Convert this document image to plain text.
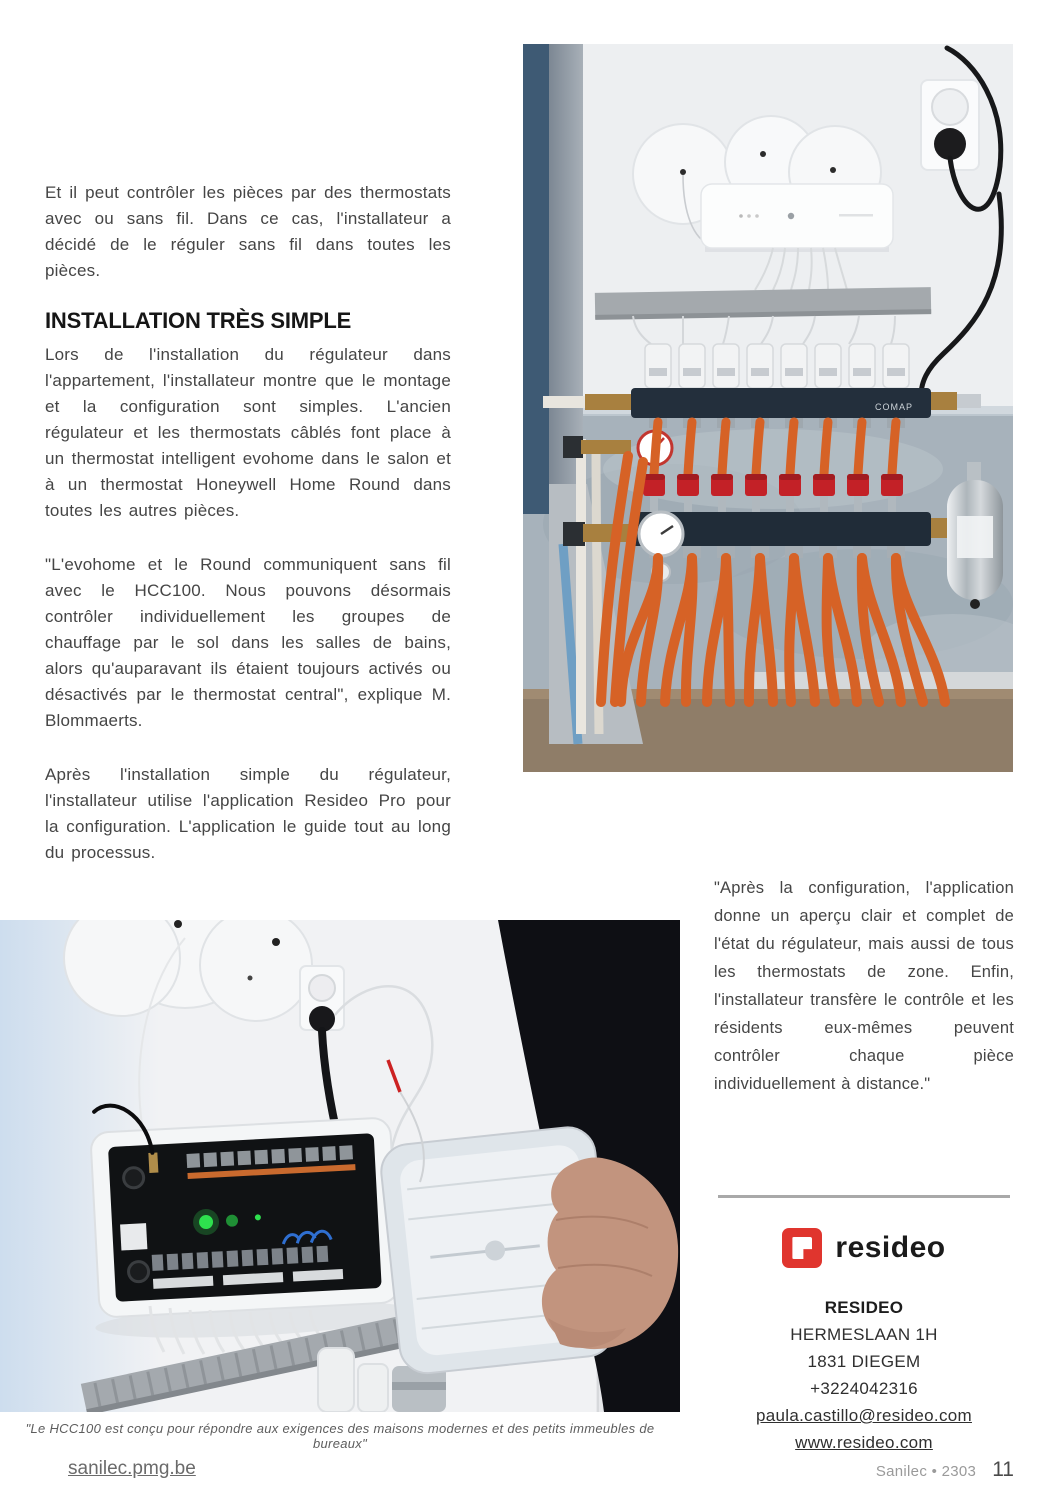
Et il peut contrôler les pièces par des thermostats avec ou sans fil. Dans ce cas, l'installateur a décidé de le réguler sans fil dans toutes les pièces.

INSTALLATION TRÈS SIMPLE

Lors de l'installation du régulateur dans l'appartement, l'installateur montre que le montage et la configuration sont simples. L'ancien régulateur et les thermostats câblés font place à un thermostat intelligent evohome dans le salon et à un thermostat Honeywell Home Round dans toutes les autres pièces.

"L'evohome et le Round communiquent sans fil avec le HCC100. Nous pouvons désormais contrôler individuellement les groupes de chauffage par le sol dans les salles de bains, alors qu'auparavant ils étaient toujours activés ou désactivés par le thermostat central", explique M. Blommaerts.

Après l'installation simple du régulateur, l'installateur utilise l'application Resideo Pro pour la configuration. L'application le guide tout au long du processus.

COMAP

"Après la configuration, l'application donne un aperçu clair et complet de l'état du régulateur, mais aussi de tous les thermostats de zone. Enfin, l'installateur transfère le contrôle et les résidents eux-mêmes peuvent contrôler chaque pièce individuellement à distance."

resideo
RESIDEO
HERMESLAAN 1H
1831 DIEGEM
+3224042316
paula.castillo@resideo.com
www.resideo.com
"Le HCC100 est conçu pour répondre aux exigences des maisons modernes et des petits immeubles de bureaux"
sanilec.pmg.be	Sanilec • 2303 11
